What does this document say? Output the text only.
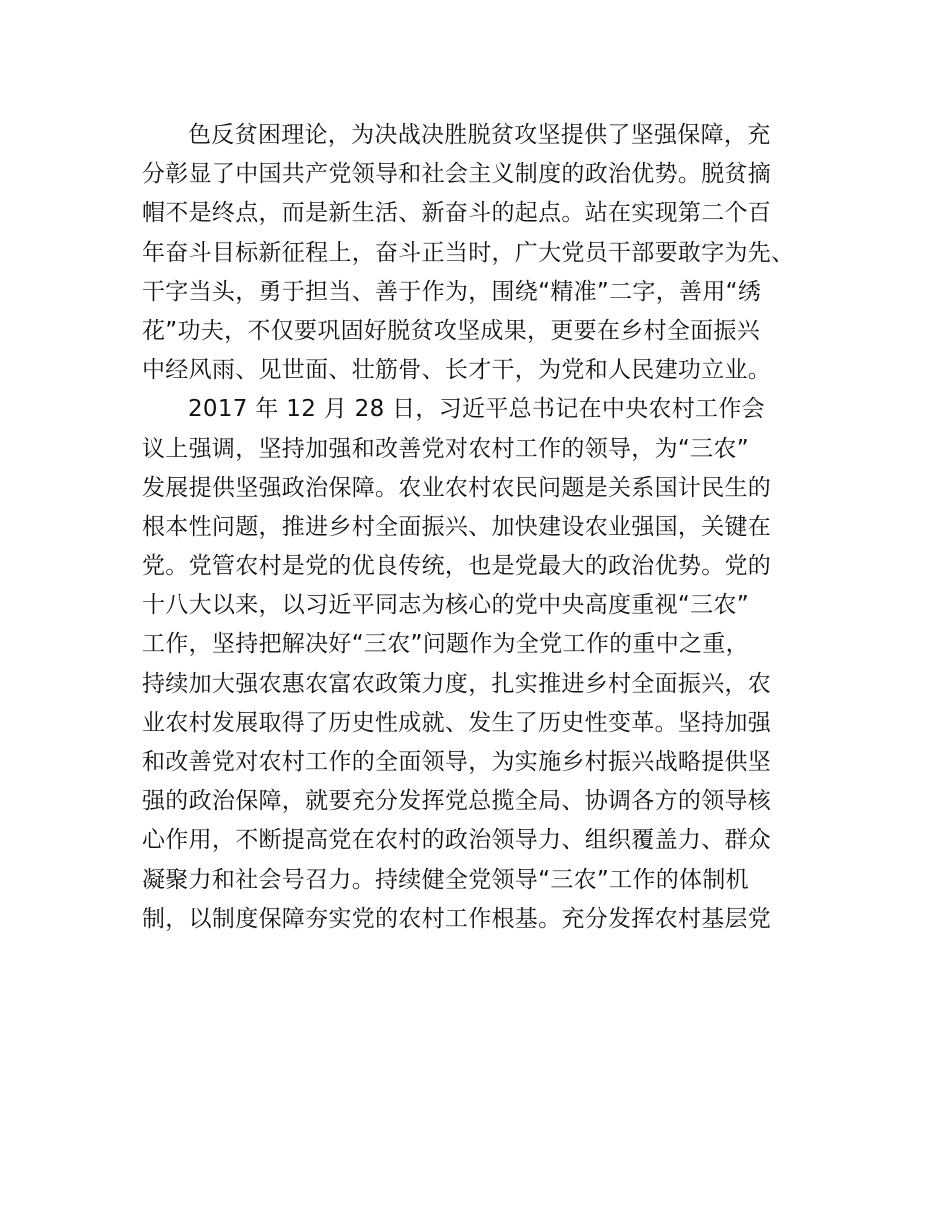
色反贫困理论，为决战决胜脱贫攻坚提供了坚强保障，充
分彰显了中国共产党领导和社会主义制度的政治优势。脱贫摘
帽不是终点，而是新生活、新奋斗的起点。站在实现第二个百
年奋斗目标新征程上，奋斗正当时，广大党员干部要敢字为先、
干字当头，勇于担当、善于作为，围绕“精准”二字，善用“绣
花”功夫，不仅要巩固好脱贫攻坚成果，更要在乡村全面振兴
中经风雨、见世面、壮筋骨、长才干，为党和人民建功立业。
2017 年 12 月 28 日，习近平总书记在中央农村工作会
议上强调，坚持加强和改善党对农村工作的领导，为“三农”
发展提供坚强政治保障。农业农村农民问题是关系国计民生的
根本性问题，推进乡村全面振兴、加快建设农业强国，关键在
党。党管农村是党的优良传统，也是党最大的政治优势。党的
十八大以来，以习近平同志为核心的党中央高度重视“三农”
工作，坚持把解决好“三农”问题作为全党工作的重中之重，
持续加大强农惠农富农政策力度，扎实推进乡村全面振兴，农
业农村发展取得了历史性成就、发生了历史性变革。坚持加强
和改善党对农村工作的全面领导，为实施乡村振兴战略提供坚
强的政治保障，就要充分发挥党总揽全局、协调各方的领导核
心作用，不断提高党在农村的政治领导力、组织覆盖力、群众
凝聚力和社会号召力。持续健全党领导“三农”工作的体制机
制，以制度保障夯实党的农村工作根基。充分发挥农村基层党
